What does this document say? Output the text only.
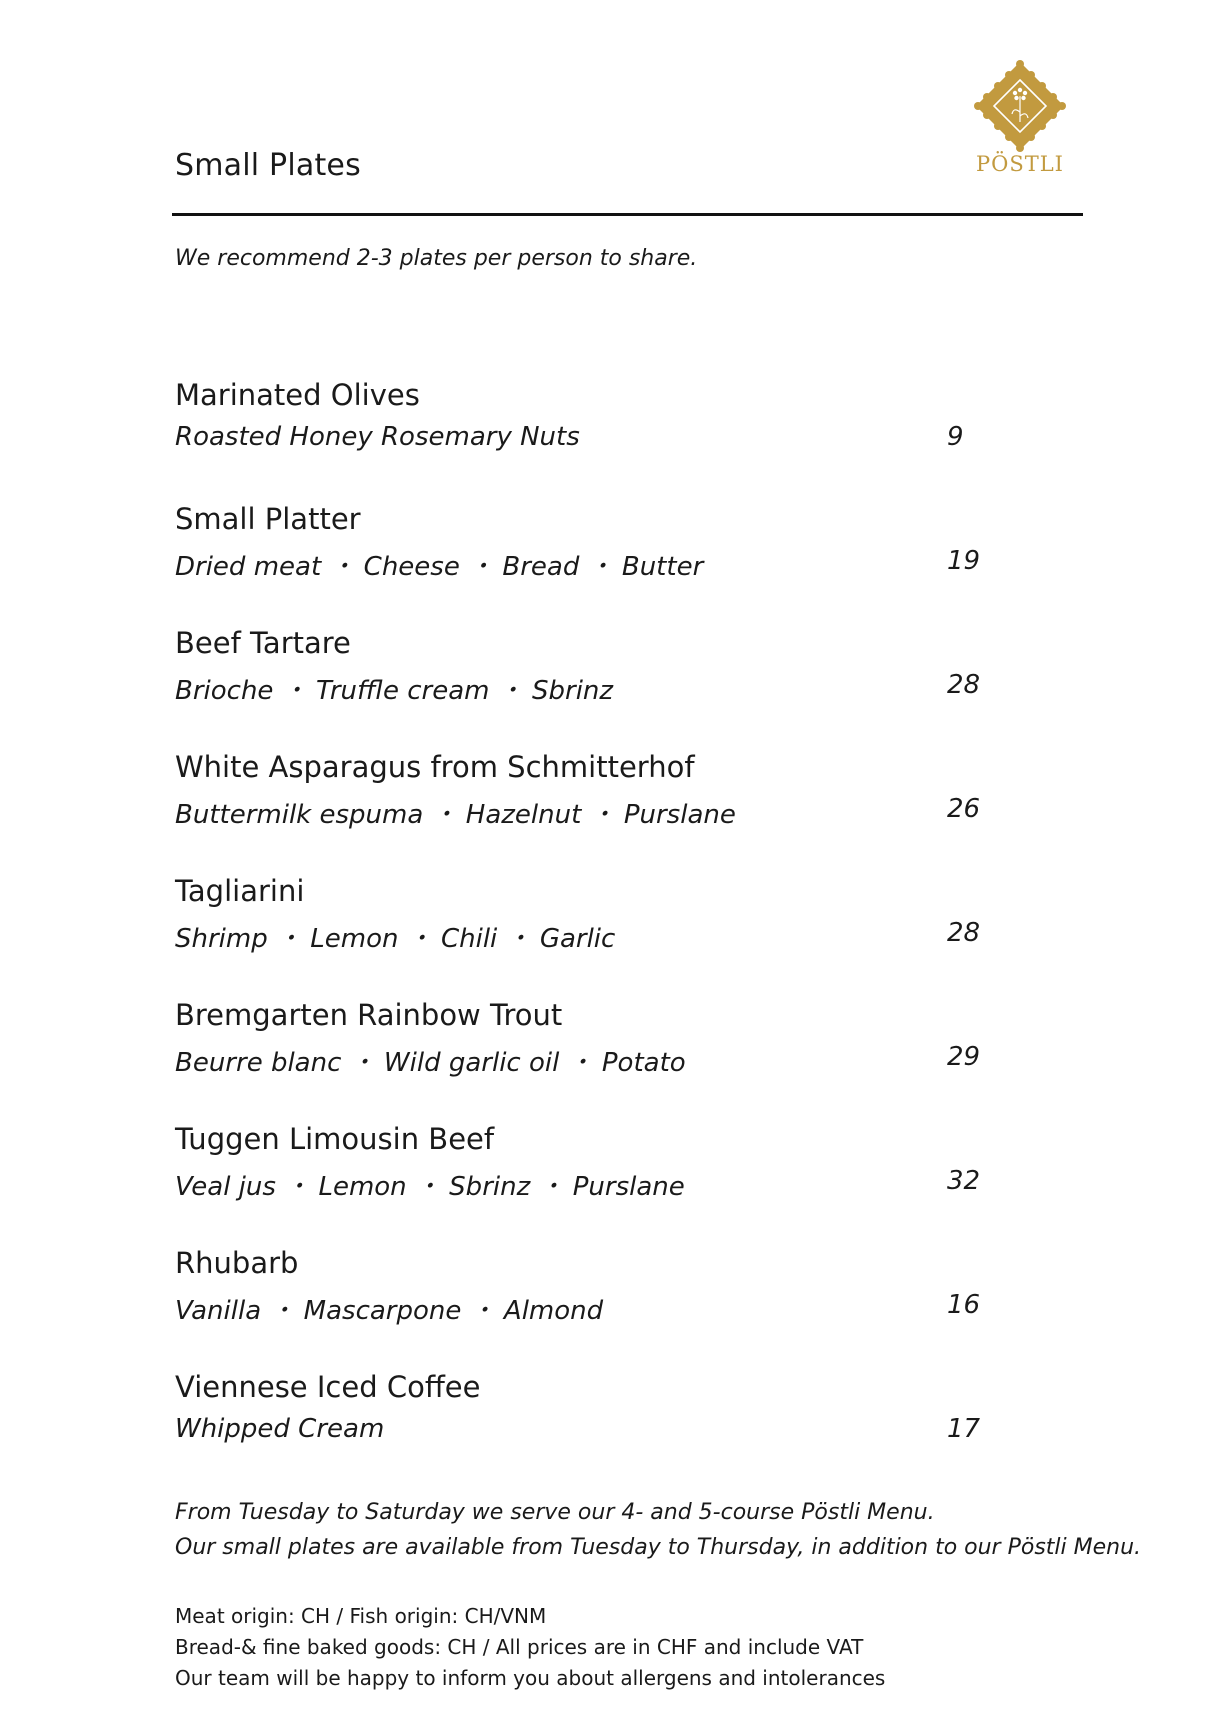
Small Plates	PÖSTLI

We recommend 2-3 plates per person to share.

Marinated Olives
Roasted Honey Rosemary Nuts	9
Small Platter
Dried meat ・ Cheese ・ Bread ・ Butter	19
Beef Tartare
Brioche ・ Truffle cream ・ Sbrinz	28
White Asparagus from Schmitterhof
Buttermilk espuma ・ Hazelnut ・ Purslane	26
Tagliarini
Shrimp ・ Lemon ・ Chili ・ Garlic	28
Bremgarten Rainbow Trout
Beurre blanc ・ Wild garlic oil ・ Potato	29
Tuggen Limousin Beef
Veal jus ・ Lemon ・ Sbrinz ・ Purslane	32
Rhubarb
Vanilla ・ Mascarpone ・ Almond	16
Viennese Iced Coffee
Whipped Cream	17

From Tuesday to Saturday we serve our 4- and 5-course Pöstli Menu.

Our small plates are available from Tuesday to Thursday, in addition to our Pöstli Menu.

Meat origin: CH / Fish origin: CH/VNM

Bread-& fine baked goods: CH / All prices are in CHF and include VAT

Our team will be happy to inform you about allergens and intolerances
